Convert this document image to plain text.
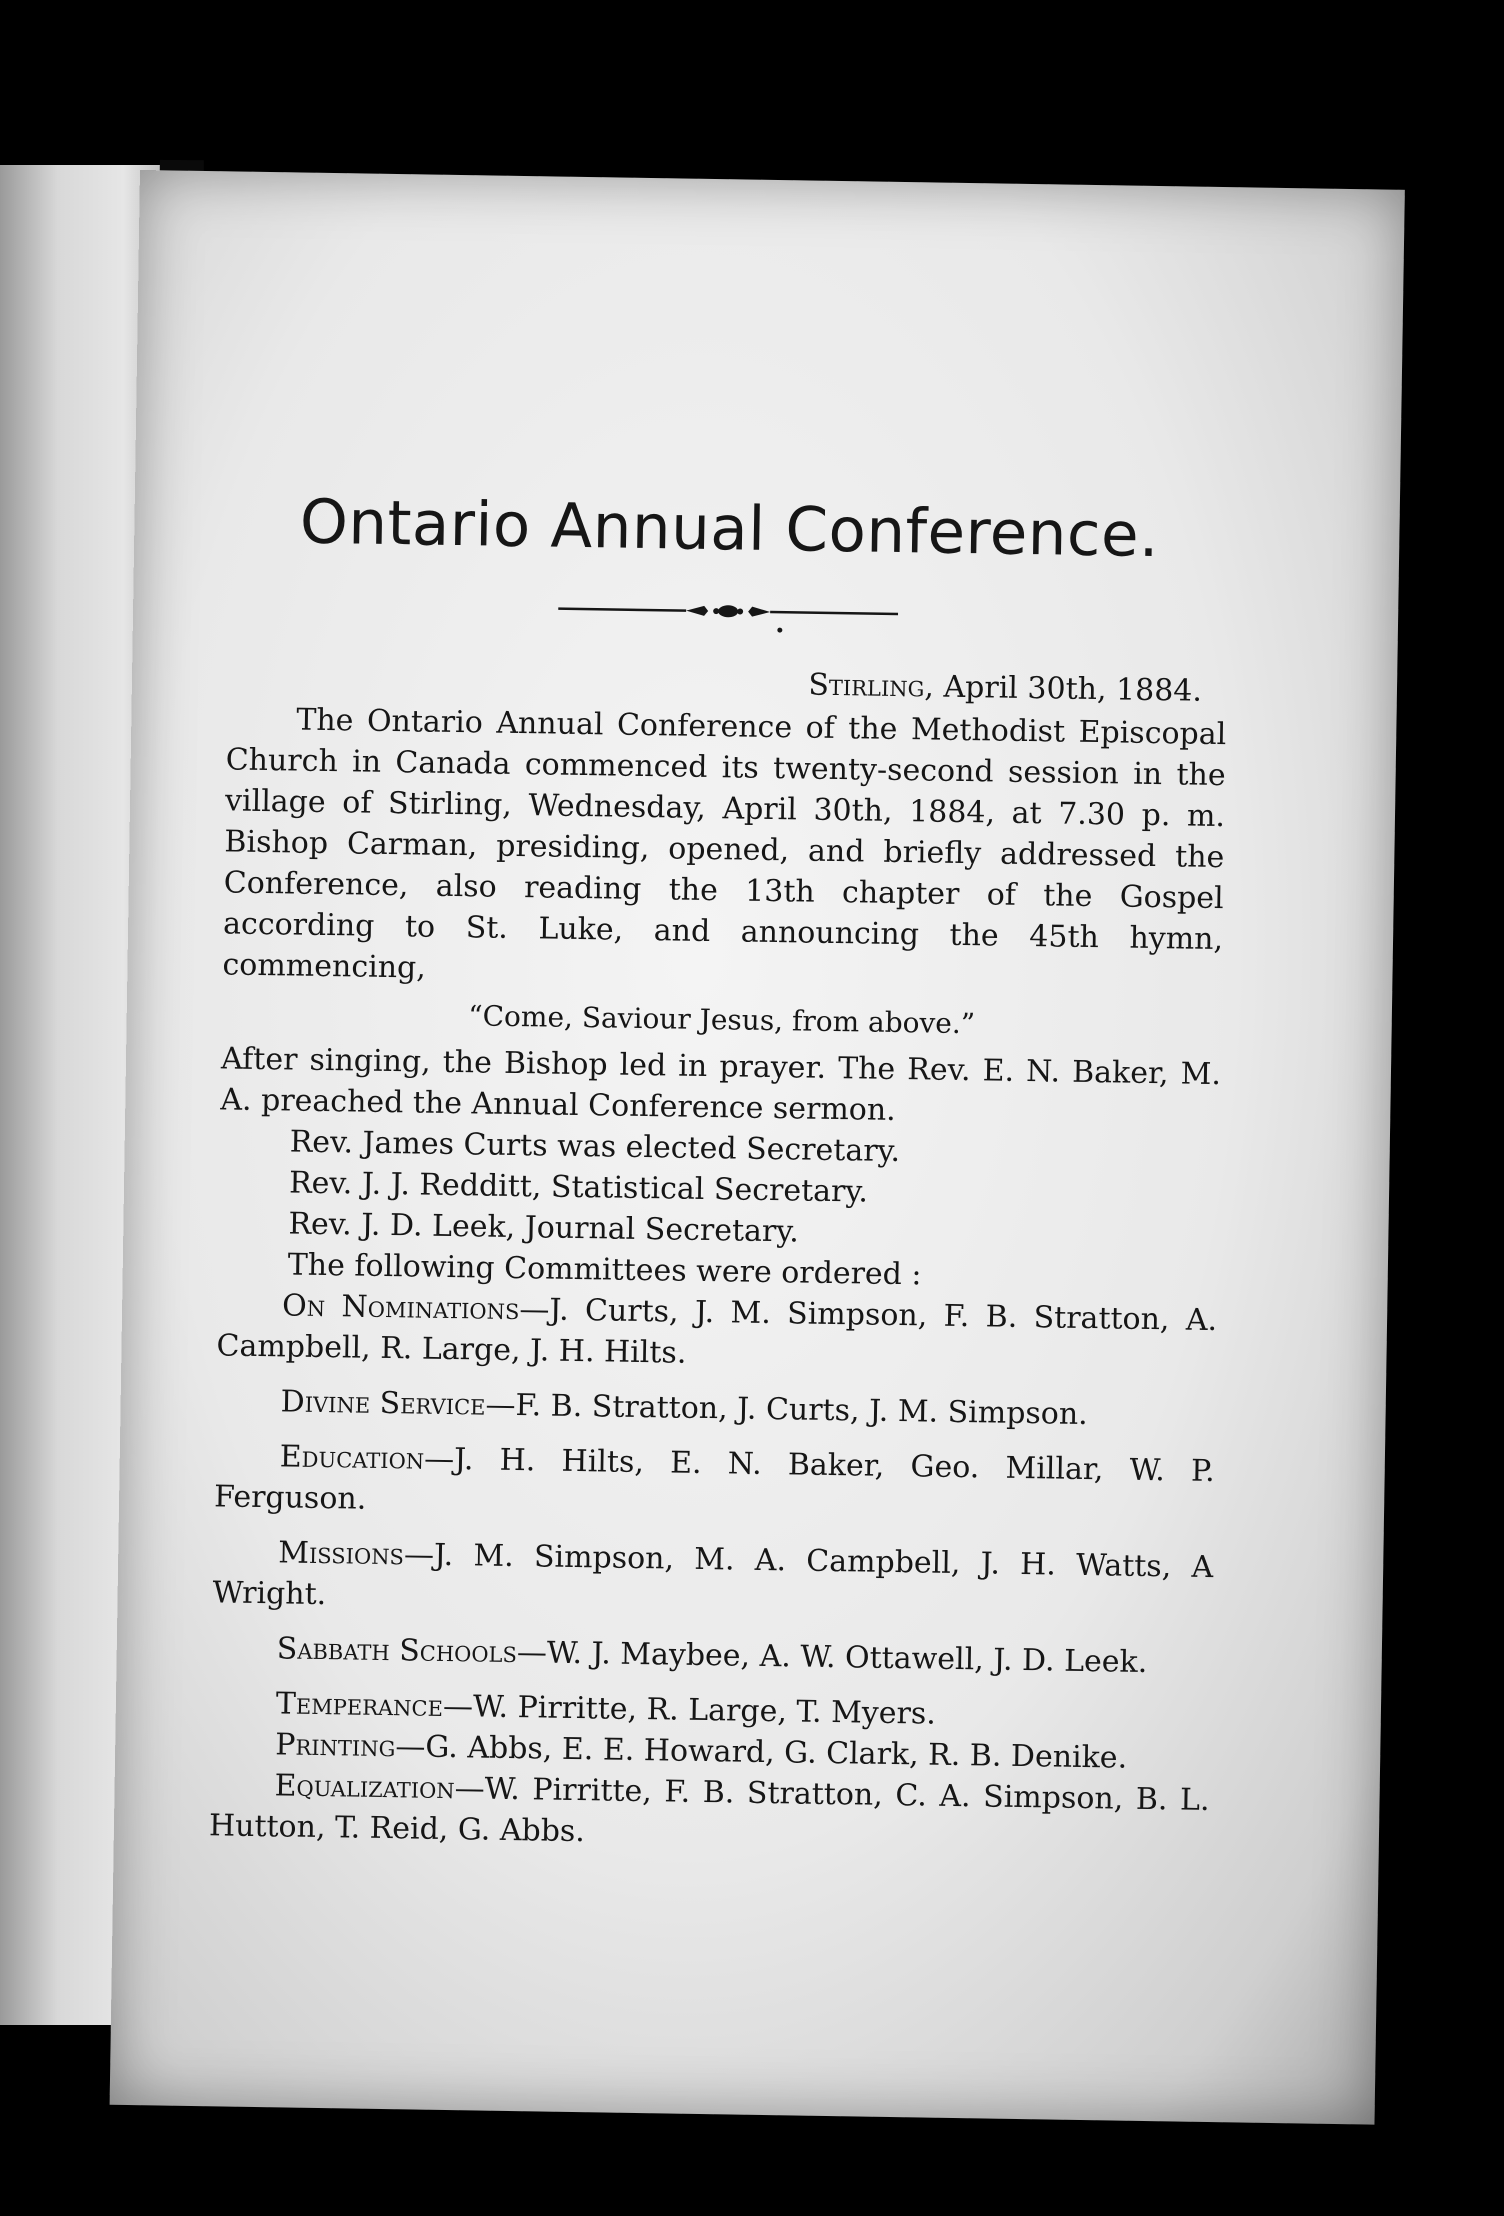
Ontario Annual Conference.
Stirling, April 30th, 1884.

The Ontario Annual Conference of the Methodist Episcopal Church in Canada commenced its twenty-second session in the village of Stirling, Wednesday, April 30th, 1884, at 7.30 p. m. Bishop Carman, presiding, opened, and briefly addressed the Conference, also reading the 13th chapter of the Gospel according to St. Luke, and announcing the 45th hymn, commencing,

“Come, Saviour Jesus, from above.”

After singing, the Bishop led in prayer. The Rev. E. N. Baker, M. A. preached the Annual Conference sermon.

Rev. James Curts was elected Secretary.
Rev. J. J. Redditt, Statistical Secretary.
Rev. J. D. Leek, Journal Secretary.
The following Committees were ordered :
On Nominations—J. Curts, J. M. Simpson, F. B. Stratton, A. Campbell, R. Large, J. H. Hilts.
Divine Service—F. B. Stratton, J. Curts, J. M. Simpson.
Education—J. H. Hilts, E. N. Baker, Geo. Millar, W. P. Ferguson.
Missions—J. M. Simpson, M. A. Campbell, J. H. Watts, A Wright.
Sabbath Schools—W. J. Maybee, A. W. Ottawell, J. D. Leek.
Temperance—W. Pirritte, R. Large, T. Myers.
Printing—G. Abbs, E. E. Howard, G. Clark, R. B. Denike.
Equalization—W. Pirritte, F. B. Stratton, C. A. Simpson, B. L. Hutton, T. Reid, G. Abbs.
